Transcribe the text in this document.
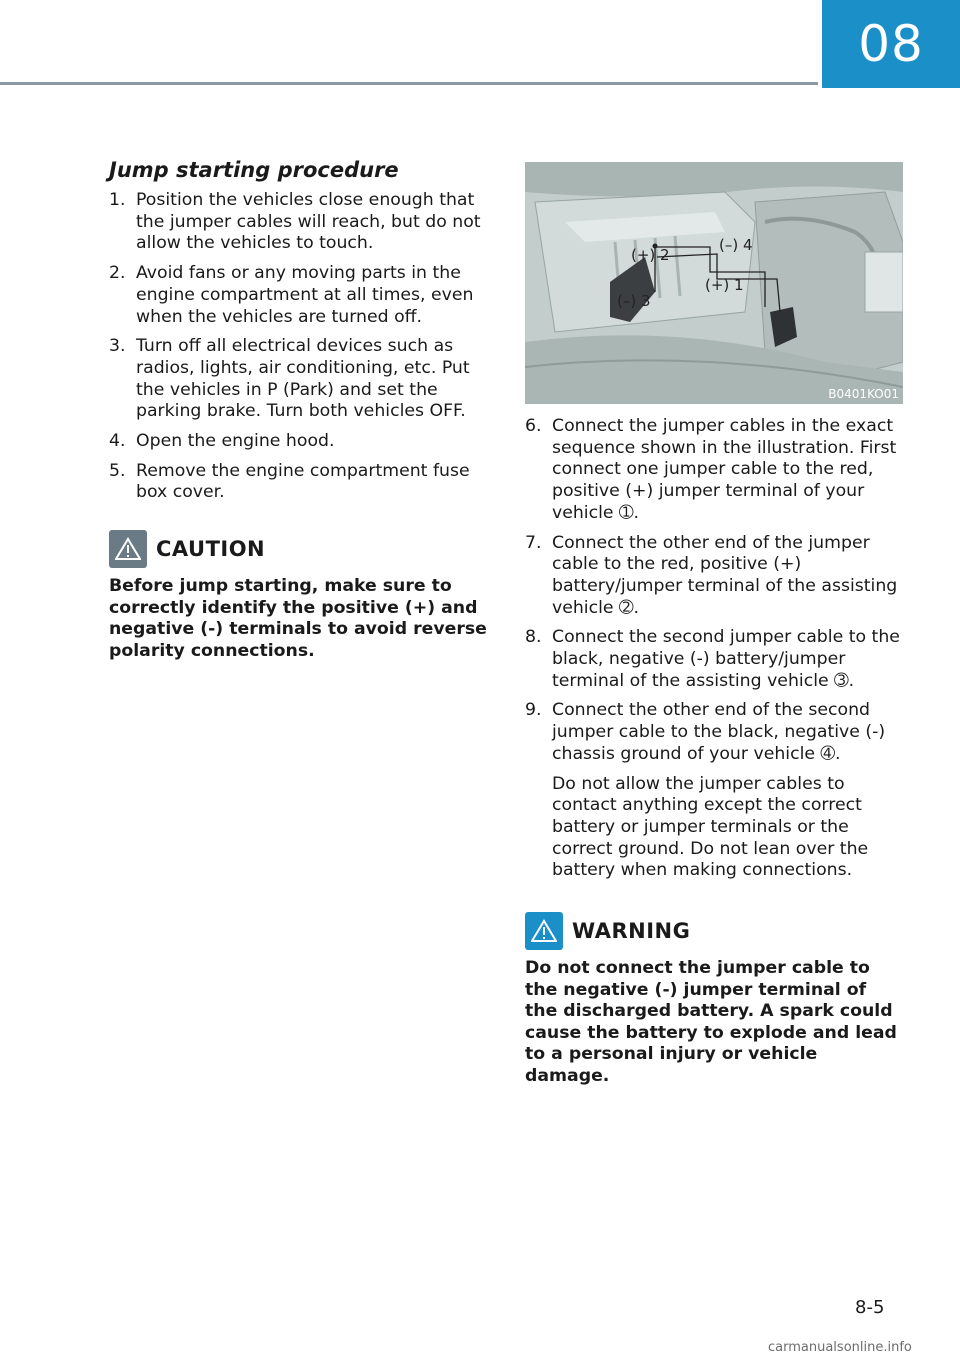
08
Jump starting procedure
1. Position the vehicles close enough that the jumper cables will reach, but do not allow the vehicles to touch.
2. Avoid fans or any moving parts in the engine compartment at all times, even when the vehicles are turned off.
3. Turn off all electrical devices such as radios, lights, air conditioning, etc. Put the vehicles in P (Park) and set the parking brake. Turn both vehicles OFF.
4. Open the engine hood.
5. Remove the engine compartment fuse box cover.
CAUTION
Before jump starting, make sure to correctly identify the positive (+) and negative (-) terminals to avoid reverse polarity connections.
(+) 2
(+) 1
(–) 3
(–) 4
B0401KO01
6. Connect the jumper cables in the exact sequence shown in the illustration. First connect one jumper cable to the red, positive (+) jumper terminal of your vehicle ➀.
7. Connect the other end of the jumper cable to the red, positive (+) battery/jumper terminal of the assisting vehicle ➁.
8. Connect the second jumper cable to the black, negative (-) battery/jumper terminal of the assisting vehicle ➂.
9. Connect the other end of the second jumper cable to the black, negative (-) chassis ground of your vehicle ➃.
Do not allow the jumper cables to contact anything except the correct battery or jumper terminals or the correct ground. Do not lean over the battery when making connections.
WARNING
Do not connect the jumper cable to the negative (-) jumper terminal of the discharged battery. A spark could cause the battery to explode and lead to a personal injury or vehicle damage.
8-5
carmanualsonline.info
